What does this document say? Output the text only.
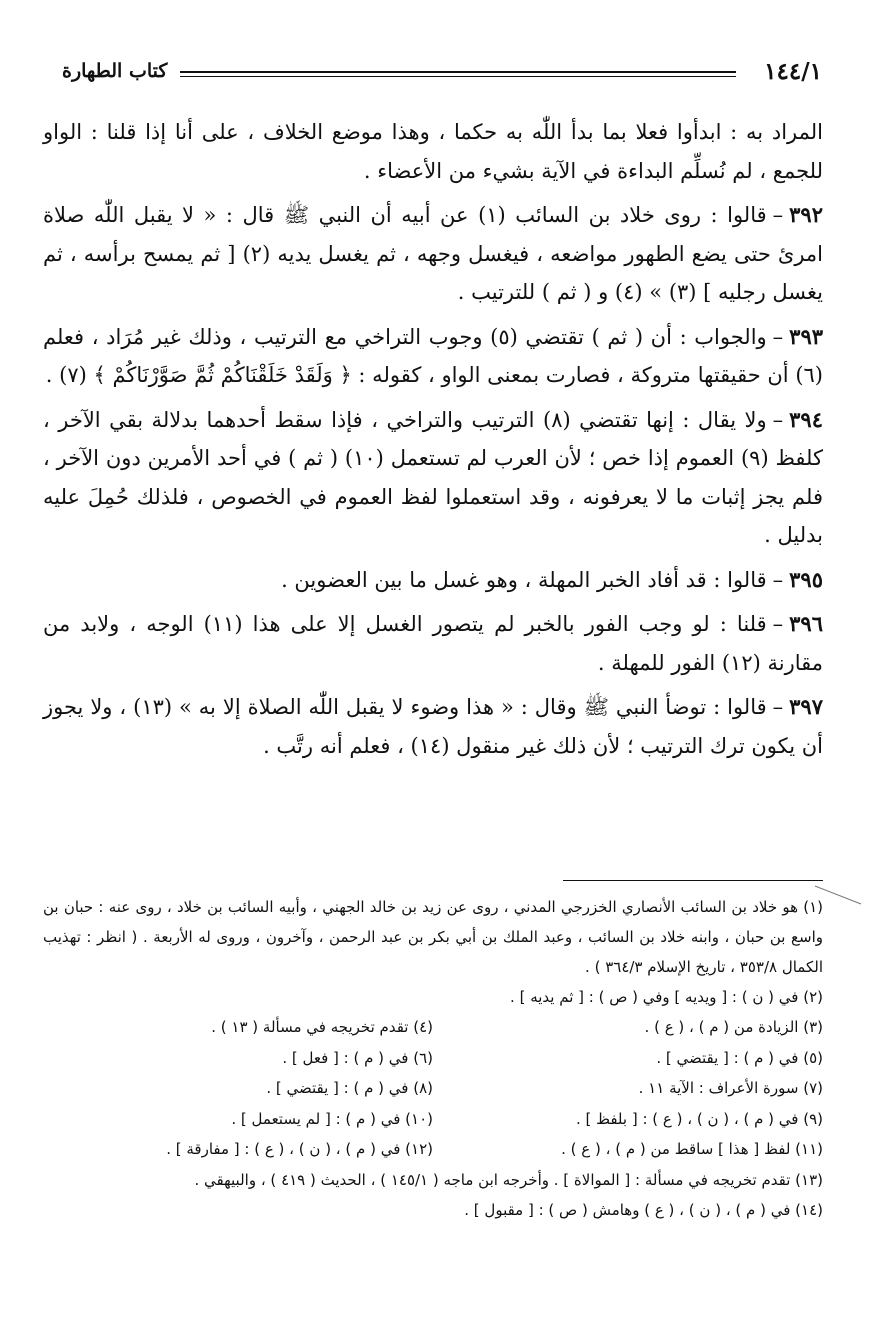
كتاب الطهارة	١٤٤/١

المراد به : ابدأوا فعلا بما بدأ اللّٰه به حكما ، وهذا موضع الخلاف ، على أنا إذا قلنا : الواو للجمع ، لم نُسلِّم البداءة في الآية بشيء من الأعضاء .

٣٩٢–قالوا : روى خلاد بن السائب (١) عن أبيه أن النبي ﷺ قال : « لا يقبل اللّٰه صلاة امرئ حتى يضع الطهور مواضعه ، فيغسل وجهه ، ثم يغسل يديه (٢) [ ثم يمسح برأسه ، ثم يغسل رجليه ] (٣) » (٤) و ( ثم ) للترتيب .

٣٩٣–والجواب : أن ( ثم ) تقتضي (٥) وجوب التراخي مع الترتيب ، وذلك غير مُرَاد ، فعلم (٦) أن حقيقتها متروكة ، فصارت بمعنى الواو ، كقوله : ﴿ وَلَقَدْ خَلَقْنَاكُمْ ثُمَّ صَوَّرْنَاكُمْ ﴾ (٧) .

٣٩٤–ولا يقال : إنها تقتضي (٨) الترتيب والتراخي ، فإذا سقط أحدهما بدلالة بقي الآخر ، كلفظ (٩) العموم إذا خص ؛ لأن العرب لم تستعمل (١٠) ( ثم ) في أحد الأمرين دون الآخر ، فلم يجز إثبات ما لا يعرفونه ، وقد استعملوا لفظ العموم في الخصوص ، فلذلك حُمِلَ عليه بدليل .

٣٩٥–قالوا : قد أفاد الخبر المهلة ، وهو غسل ما بين العضوين .

٣٩٦–قلنا : لو وجب الفور بالخبر لم يتصور الغسل إلا على هذا (١١) الوجه ، ولابد من مقارنة (١٢) الفور للمهلة .

٣٩٧–قالوا : توضأ النبي ﷺ وقال : « هذا وضوء لا يقبل اللّٰه الصلاة إلا به » (١٣) ، ولا يجوز أن يكون ترك الترتيب ؛ لأن ذلك غير منقول (١٤) ، فعلم أنه رتَّب .

(١) هو خلاد بن السائب الأنصاري الخزرجي المدني ، روى عن زيد بن خالد الجهني ، وأبيه السائب بن خلاد ، روى عنه : حبان بن واسع بن حبان ، وابنه خلاد بن السائب ، وعبد الملك بن أبي بكر بن عبد الرحمن ، وآخرون ، وروى له الأربعة . ( انظر : تهذيب الكمال ٣٥٣/٨ ، تاريخ الإسلام ٣٦٤/٣ ) .
(٢) في ( ن ) : [ ويديه ] وفي ( ص ) : [ ثم يديه ] .
(٣) الزيادة من ( م ) ، ( ع ) .
(٤) تقدم تخريجه في مسألة ( ١٣ ) .
(٥) في ( م ) : [ يقتضي ] .
(٦) في ( م ) : [ فعل ] .
(٧) سورة الأعراف : الآية ١١ .
(٨) في ( م ) : [ يقتضي ] .
(٩) في ( م ) ، ( ن ) ، ( ع ) : [ بلفظ ] .
(١٠) في ( م ) : [ لم يستعمل ] .
(١١) لفظ [ هذا ] ساقط من ( م ) ، ( ع ) .
(١٢) في ( م ) ، ( ن ) ، ( ع ) : [ مفارقة ] .
(١٣) تقدم تخريجه في مسألة : [ الموالاة ] . وأخرجه ابن ماجه ( ١٤٥/١ ) ، الحديث ( ٤١٩ ) ، والبيهقي .
(١٤) في ( م ) ، ( ن ) ، ( ع ) وهامش ( ص ) : [ مقبول ] .
